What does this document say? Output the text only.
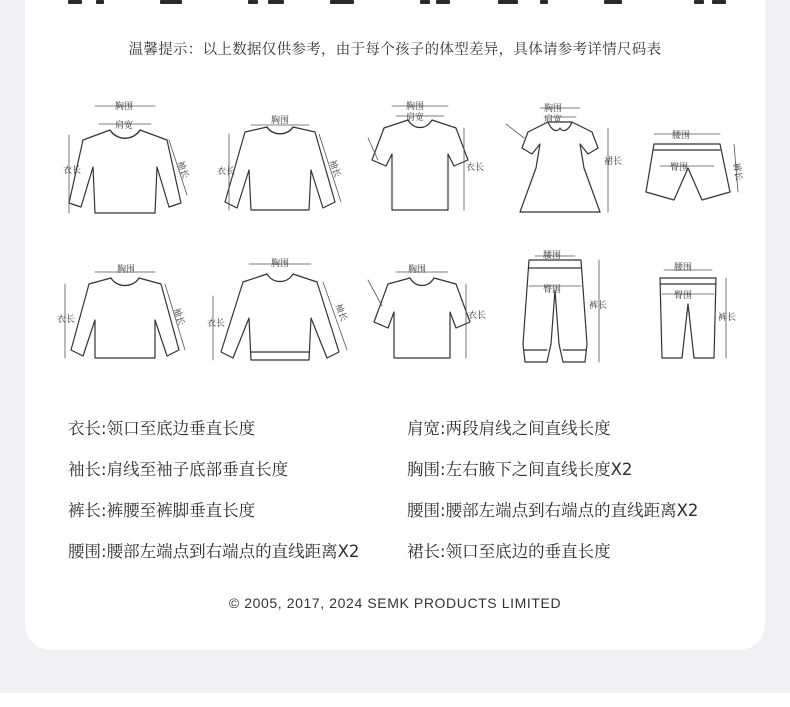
温馨提示：以上数据仅供参考，由于每个孩子的体型差异，具体请参考详情尺码表
胸围
肩宽
衣长	袖长
胸围
衣长	袖长
胸围
肩宽
衣长
胸围
肩宽
裙长
腰围
臀围	裤长
胸围
衣长	袖长
胸围
衣长
袖长
胸围
衣长
腰围
臀围
裤长
腰围
臀围
裤长
衣长:领口至底边垂直长度	肩宽:两段肩线之间直线长度
袖长:肩线至袖子底部垂直长度	胸围:左右腋下之间直线长度X2
裤长:裤腰至裤脚垂直长度	腰围:腰部左端点到右端点的直线距离X2
腰围:腰部左端点到右端点的直线距离X2	裙长:领口至底边的垂直长度
© 2005, 2017, 2024 SEMK PRODUCTS LIMITED
